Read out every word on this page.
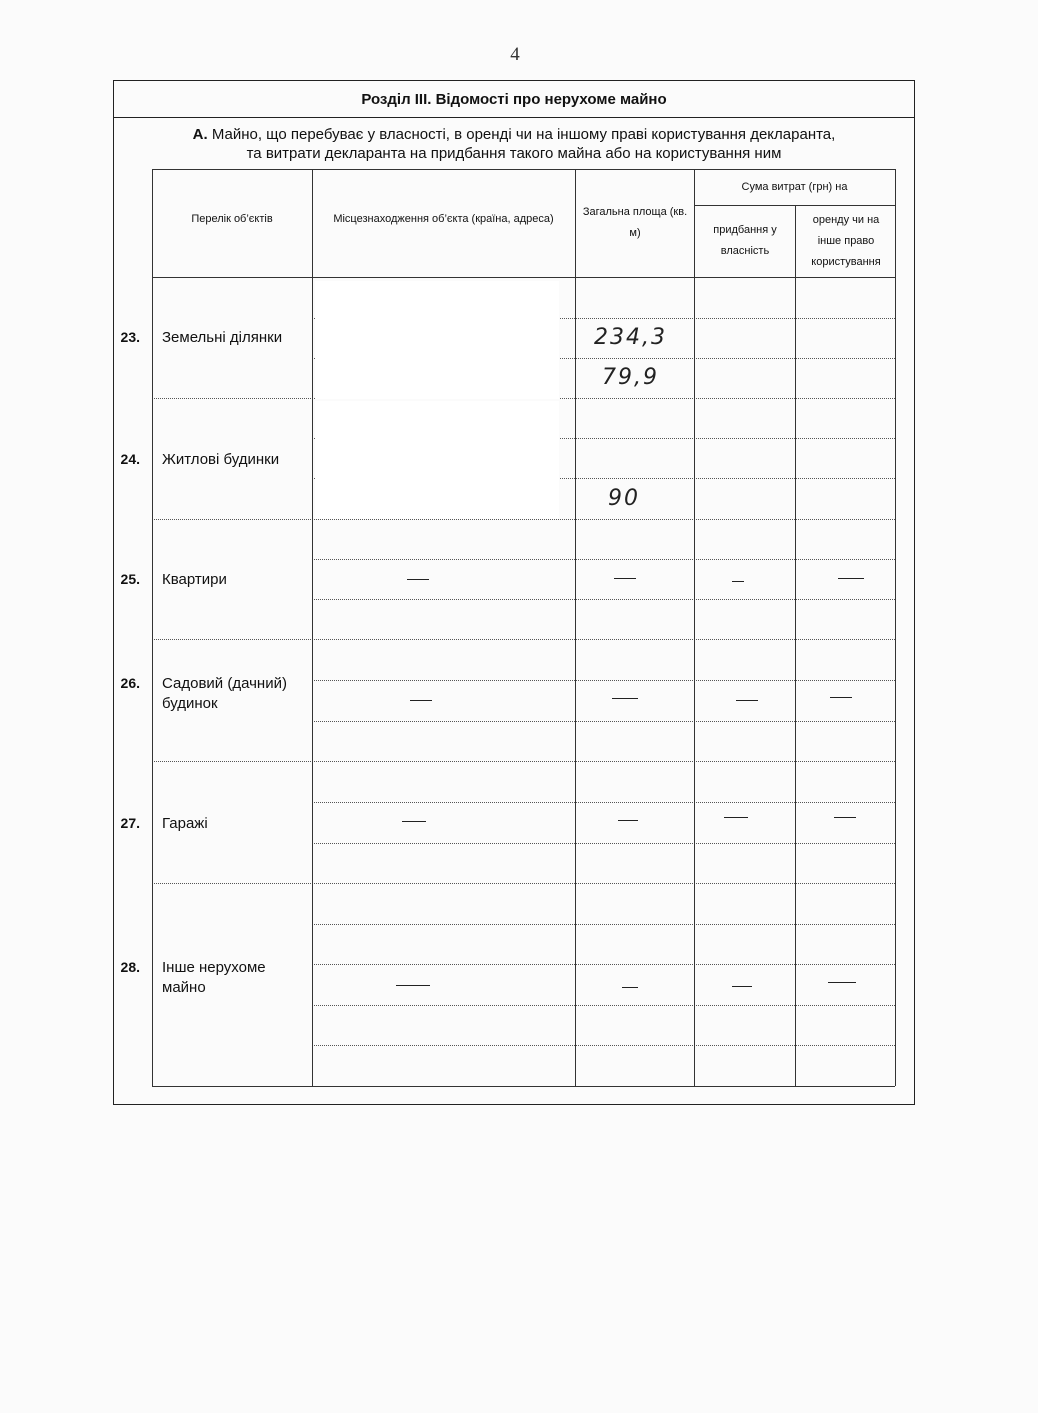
4
Розділ ІІІ. Відомості про нерухоме майно
А. Майно, що перебуває у власності, в оренді чи на іншому праві користування декларанта,
та витрати декларанта на придбання такого майна або на користування ним
Перелік об’єктів	Місцезнаходження об’єкта (країна, адреса)
Загальна площа (кв. м)
Сума витрат (грн) на
придбання у власність
оренду чи на інше право користування
23. Земельні ділянки
24. Житлові будинки
25. Квартири
26. Садовий (дачний) будинок
27. Гаражі
28. Інше нерухоме майно
234,3
79,9
90
